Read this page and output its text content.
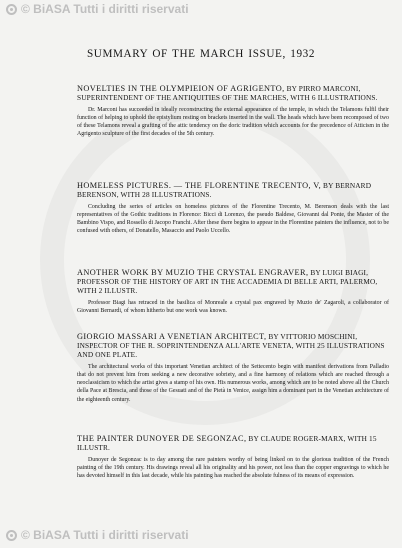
© BiASA Tutti i diritti riservati
SUMMARY OF THE MARCH ISSUE, 1932
NOVELTIES IN THE OLYMPIEION OF AGRIGENTO, BY PIRRO MARCONI, SUPERINTENDENT OF THE ANTIQUITIES OF THE MARCHES, WITH 6 ILLUSTRATIONS.

Dr. Marconi has succeeded in ideally reconstructing the external appearance of the temple, in which the Telamons fulfil their function of helping to uphold the epistylium resting on brackets inserted in the wall. The heads which have been recomposed of two of these Telamons reveal a grafting of the attic tendency on the doric tradition which accounts for the precedence of Atticism in the Agrigento sculpture of the first decades of the 5th century.

HOMELESS PICTURES. — THE FLORENTINE TRECENTO, V, BY BERNARD BERENSON, WITH 28 ILLUSTRATIONS.

Concluding the series of articles on homeless pictures of the Florentine Trecento, M. Berenson deals with the last representatives of the Gothic traditions in Florence: Bicci di Lorenzo, the pseudo Baldese, Giovanni dal Ponte, the Master of the Bambino Vispo, and Rossello di Jacopo Franchi. After these there begins to appear in the Florentine painters the influence, not to be confused with others, of Donatello, Masaccio and Paolo Uccello.

ANOTHER WORK BY MUZIO THE CRYSTAL ENGRAVER, BY LUIGI BIAGI, PROFESSOR OF THE HISTORY OF ART IN THE ACCADEMIA DI BELLE ARTI, PALERMO, WITH 2 ILLUSTR.

Professor Biagi has retraced in the basilica of Monreale a crystal pax engraved by Muzio de' Zagaroli, a collaborator of Giovanni Bernardi, of whom hitherto but one work was known.

GIORGIO MASSARI A VENETIAN ARCHITECT, BY VITTORIO MOSCHINI, INSPECTOR OF THE R. SOPRINTENDENZA ALL'ARTE VENETA, WITH 25 ILLUSTRATIONS AND ONE PLATE.

The architectural works of this important Venetian architect of the Settecento begin with manifest derivations from Palladio that do not prevent him from seeking a new decorative sobriety, and a fine harmony of relations which are reached through a neoclassicism to which the artist gives a stamp of his own. His numerous works, among which are to be noted above all the Church della Pace at Brescia, and those of the Gesuati and of the Pietà in Venice, assign him a dominant part in the Venetian architecture of the eighteenth century.

THE PAINTER DUNOYER DE SEGONZAC, BY CLAUDE ROGER-MARX, WITH 15 ILLUSTR.

Dunoyer de Segonzac is to day among the rare painters worthy of being linked on to the glorious tradition of the French painting of the 19th century. His drawings reveal all his originality and his power, not less than the copper engravings to which he has devoted himself in this last decade, while his painting has reached the absolute fulness of its means of expression.

© BiASA Tutti i diritti riservati
